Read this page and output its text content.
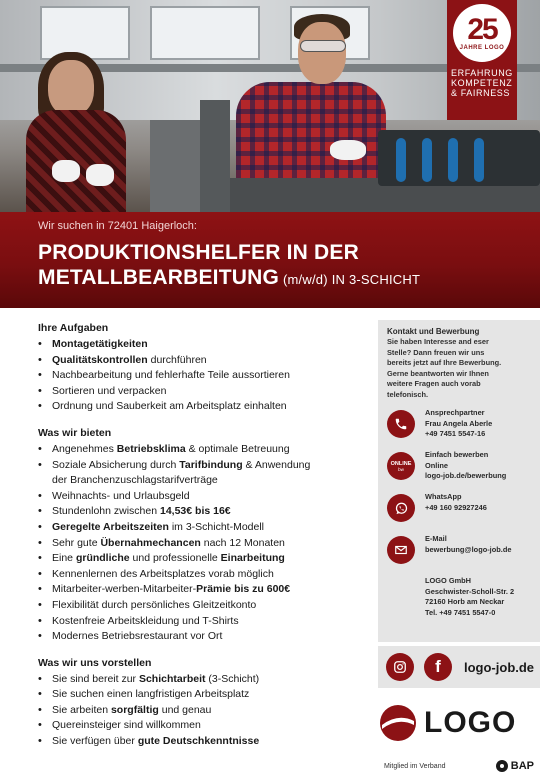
25
JAHRE LOGO
ERFAHRUNG
KOMPETENZ
& FAIRNESS
Wir suchen in 72401 Haigerloch:
PRODUKTIONSHELFER IN DER
METALLBEARBEITUNG (m/w/d) IN 3-SCHICHT
Ihre Aufgaben
• Montagetätigkeiten
• Qualitätskontrollen durchführen
• Nachbearbeitung und fehlerhafte Teile aussortieren
• Sortieren und verpacken
• Ordnung und Sauberkeit am Arbeitsplatz einhalten
Was wir bieten
• Angenehmes Betriebsklima & optimale Betreuung
• Soziale Absicherung durch Tarifbindung & Anwendung
der Branchenzuschlagstarifverträge
• Weihnachts- und Urlaubsgeld
• Stundenlohn zwischen 14,53€ bis 16€
• Geregelte Arbeitszeiten im 3-Schicht-Modell
• Sehr gute Übernahmechancen nach 12 Monaten
• Eine gründliche und professionelle Einarbeitung
• Kennenlernen des Arbeitsplatzes vorab möglich
• Mitarbeiter-werben-Mitarbeiter-Prämie bis zu 600€
• Flexibilität durch persönliches Gleitzeitkonto
• Kostenfreie Arbeitskleidung und T-Shirts
• Modernes Betriebsrestaurant vor Ort
Was wir uns vorstellen
• Sie sind bereit zur Schichtarbeit (3-Schicht)
• Sie suchen einen langfristigen Arbeitsplatz
• Sie arbeiten sorgfältig und genau
• Quereinsteiger sind willkommen
• Sie verfügen über gute Deutschkenntnisse
Kontakt und Bewerbung
Sie haben Interesse and eser
Stelle? Dann freuen wir uns
bereits jetzt auf Ihre Bewerbung.
Gerne beantworten wir Ihnen
weitere Fragen auch vorab
telefonisch.
Ansprechpartner
Frau Angela Aberle
+49 7451 5547-16
ONLINE
bw
Einfach bewerben
Online
logo-job.de/bewerbung
WhatsApp
+49 160 92927246
E-Mail
bewerbung@logo-job.de
LOGO GmbH
Geschwister-Scholl-Str. 2
72160 Horb am Neckar
Tel. +49 7451 5547-0
f logo-job.de
LOGO
Mitglied im Verband	BAP
